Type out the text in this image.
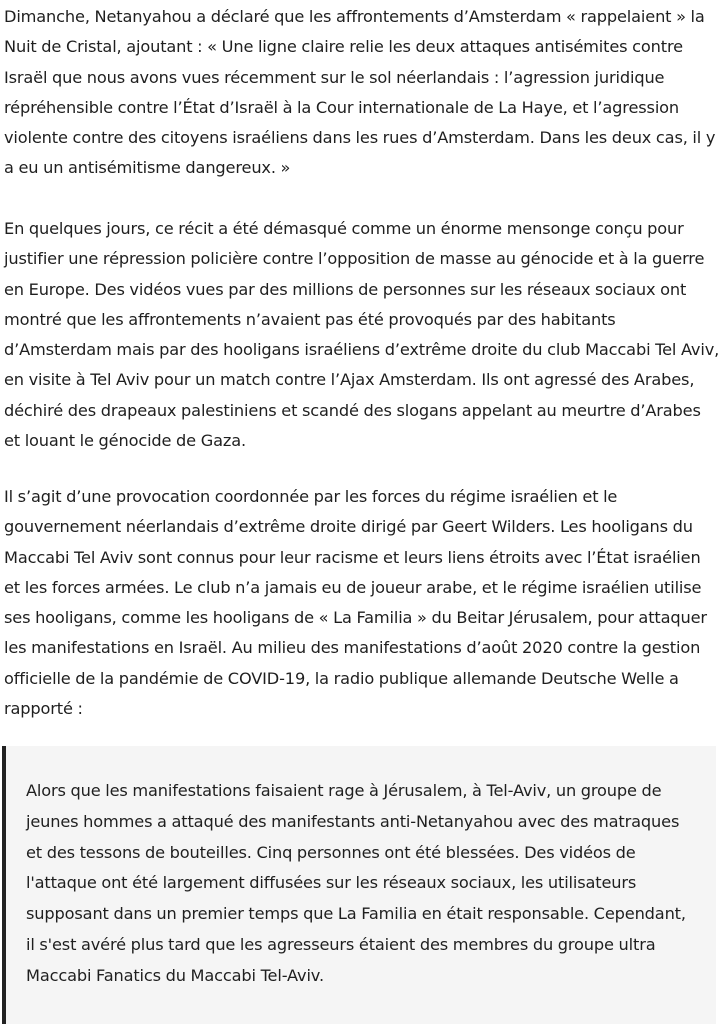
Dimanche, Netanyahou a déclaré que les affrontements d’Amsterdam « rappelaient » la Nuit de Cristal, ajoutant : « Une ligne claire relie les deux attaques antisémites contre Israël que nous avons vues récemment sur le sol néerlandais : l’agression juridique répréhensible contre l’État d’Israël à la Cour internationale de La Haye, et l’agression violente contre des citoyens israéliens dans les rues d’Amsterdam. Dans les deux cas, il y a eu un antisémitisme dangereux. »

En quelques jours, ce récit a été démasqué comme un énorme mensonge conçu pour justifier une répression policière contre l’opposition de masse au génocide et à la guerre en Europe. Des vidéos vues par des millions de personnes sur les réseaux sociaux ont montré que les affrontements n’avaient pas été provoqués par des habitants d’Amsterdam mais par des hooligans israéliens d’extrême droite du club Maccabi Tel Aviv, en visite à Tel Aviv pour un match contre l’Ajax Amsterdam. Ils ont agressé des Arabes, déchiré des drapeaux palestiniens et scandé des slogans appelant au meurtre d’Arabes et louant le génocide de Gaza.

Il s’agit d’une provocation coordonnée par les forces du régime israélien et le gouvernement néerlandais d’extrême droite dirigé par Geert Wilders. Les hooligans du Maccabi Tel Aviv sont connus pour leur racisme et leurs liens étroits avec l’État israélien et les forces armées. Le club n’a jamais eu de joueur arabe, et le régime israélien utilise ses hooligans, comme les hooligans de « La Familia » du Beitar Jérusalem, pour attaquer les manifestations en Israël. Au milieu des manifestations d’août 2020 contre la gestion officielle de la pandémie de COVID-19, la radio publique allemande Deutsche Welle a rapporté :

Alors que les manifestations faisaient rage à Jérusalem, à Tel-Aviv, un groupe de jeunes hommes a attaqué des manifestants anti-Netanyahou avec des matraques et des tessons de bouteilles. Cinq personnes ont été blessées. Des vidéos de l'attaque ont été largement diffusées sur les réseaux sociaux, les utilisateurs supposant dans un premier temps que La Familia en était responsable. Cependant, il s'est avéré plus tard que les agresseurs étaient des membres du groupe ultra Maccabi Fanatics du Maccabi Tel-Aviv.
